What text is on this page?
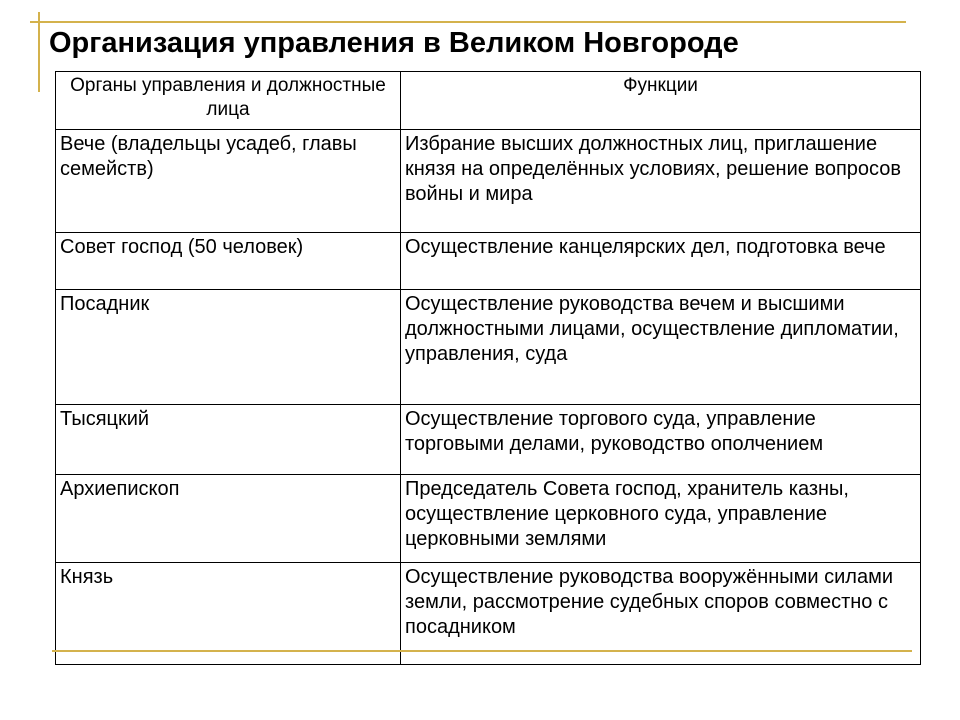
Организация управления в Великом Новгороде
Органы управления и должностные лица	Функции
Вече (владельцы усадеб, главы семейств)	Избрание высших должностных лиц, приглашение князя на определённых условиях, решение вопросов войны и мира
Совет господ (50 человек)	Осуществление канцелярских дел, подготовка вече
Посадник	Осуществление руководства вечем и высшими должностными лицами, осуществление дипломатии, управления, суда
Тысяцкий	Осуществление торгового суда, управление торговыми делами, руководство ополчением
Архиепископ	Председатель Совета господ, хранитель казны, осуществление церковного суда, управление церковными землями
Князь	Осуществление руководства вооружёнными силами земли, рассмотрение судебных споров совместно с посадником
